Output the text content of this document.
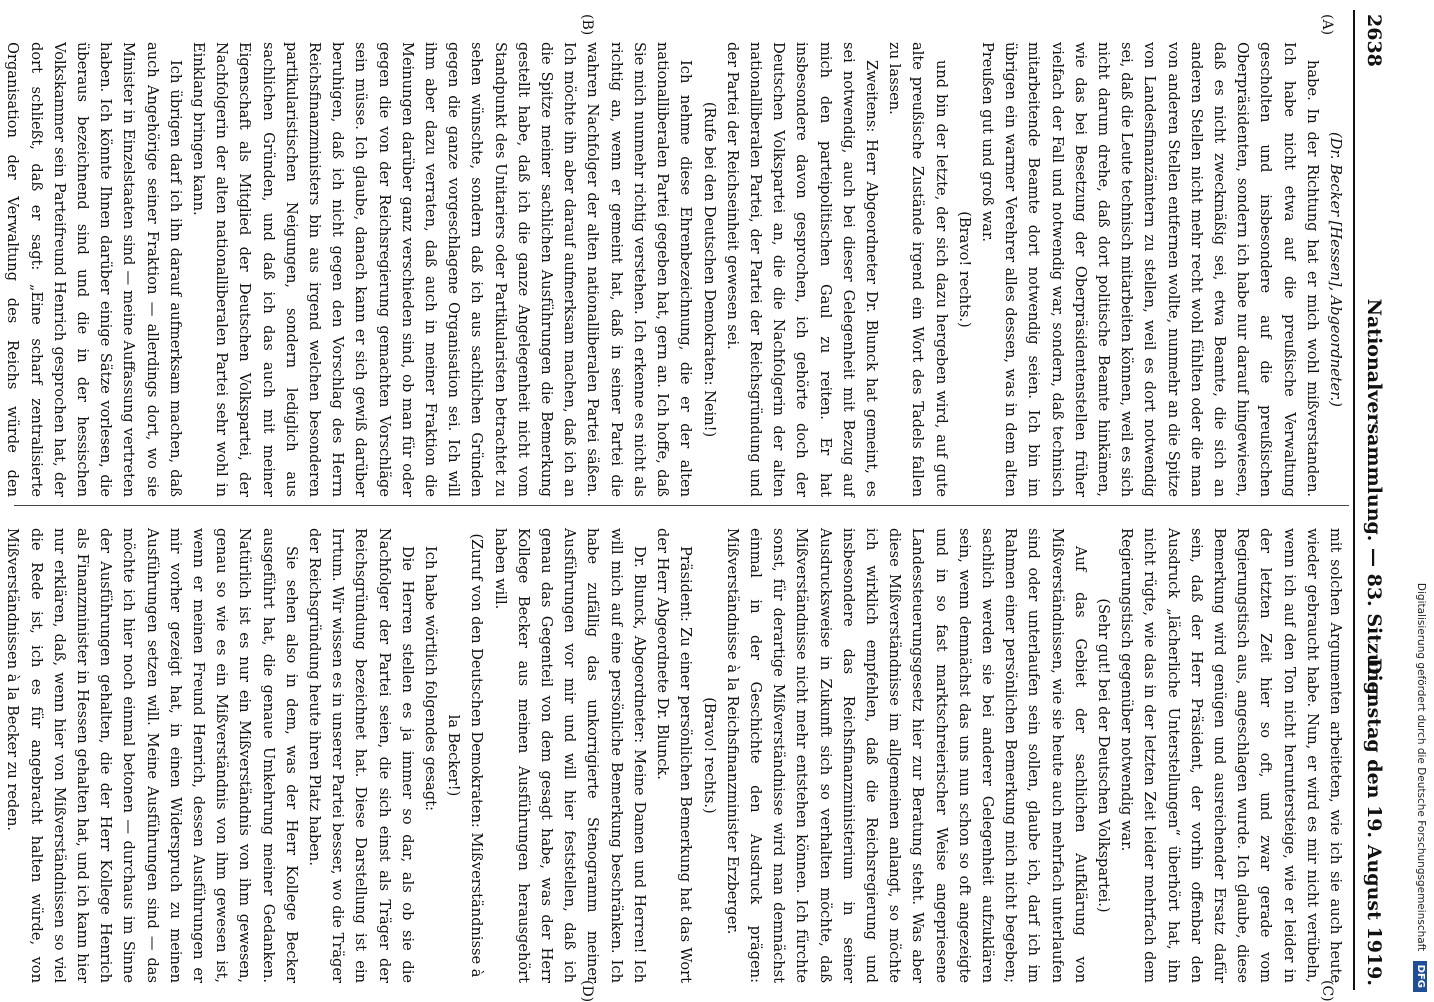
2638
Nationalversammlung. — 83. Sitzung.
Dienstag den 19. August 1919.
(A)
(B)
(C)
(D)

(Dr. Becker [Hessen], Abgeordneter.)

habe. In der Richtung hat er mich wohl mißverstanden. Ich habe nicht etwa auf die preußische Verwaltung gescholten und insbesondere auf die preußischen Oberpräsidenten, sondern ich habe nur darauf hingewiesen, daß es nicht zweckmäßig sei, etwa Beamte, die sich an anderen Stellen nicht mehr recht wohl fühlten oder die man von anderen Stellen entfernen wollte, nunmehr an die Spitze von Landesfinanzämtern zu stellen, weil es dort notwendig sei, daß die Leute technisch mitarbeiten können, weil es sich nicht darum drehe, daß dort politische Beamte hinkämen, wie das bei Besetzung der Oberpräsidentenstellen früher vielfach der Fall und notwendig war, sondern, daß technisch mitarbeitende Beamte dort notwendig seien. Ich bin im übrigen ein warmer Verehrer alles dessen, was in dem alten Preußen gut und groß war.

(Bravo! rechts.)

und bin der letzte, der sich dazu hergeben wird, auf gute alte preußische Zustände irgend ein Wort des Tadels fallen zu lassen.

Zweitens: Herr Abgeordneter Dr. Blunck hat gemeint, es sei notwendig, auch bei dieser Gelegenheit mit Bezug auf mich den parteipolitischen Gaul zu reiten. Er hat insbesondere davon gesprochen, ich gehörte doch der Deutschen Volkspartei an, die die Nachfolgerin der alten nationalliberalen Partei, der Partei der Reichsgründung und der Partei der Reichseinheit gewesen sei.

(Rufe bei den Deutschen Demokraten: Nein!)

Ich nehme diese Ehrenbezeichnung, die er der alten nationalliberalen Partei gegeben hat, gern an. Ich hoffe, daß Sie mich nunmehr richtig verstehen. Ich erkenne es nicht als richtig an, wenn er gemeint hat, daß in seiner Partei die wahren Nachfolger der alten nationalliberalen Partei säßen. Ich möchte ihn aber darauf aufmerksam machen, daß ich an die Spitze meiner sachlichen Ausführungen die Bemerkung gestellt habe, daß ich die ganze Angelegenheit nicht vom Standpunkt des Unitariers oder Partikularisten betrachtet zu sehen wünschte, sondern daß ich aus sachlichen Gründen gegen die ganze vorgeschlagene Organisation sei. Ich will ihm aber dazu verraten, daß auch in meiner Fraktion die Meinungen darüber ganz verschieden sind, ob man für oder gegen die von der Reichsregierung gemachten Vorschläge sein müsse. Ich glaube, danach kann er sich gewiß darüber beruhigen, daß ich nicht gegen den Vorschlag des Herrn Reichsfinanzministers bin aus irgend welchen besonderen partikularistischen Neigungen, sondern lediglich aus sachlichen Gründen, und daß ich das auch mit meiner Eigenschaft als Mitglied der Deutschen Volkspartei, der Nachfolgerin der alten nationalliberalen Partei sehr wohl in Einklang bringen kann.

Ich übrigen darf ich ihn darauf aufmerksam machen, daß auch Angehörige seiner Fraktion — allerdings dort, wo sie Minister in Einzelstaaten sind — meine Auffassung vertreten haben. Ich könnte Ihnen darüber einige Sätze vorlesen, die überaus bezeichnend sind und die in der hessischen Volkskammer sein Parteifreund Henrich gesprochen hat, der dort schließt, daß er sagt: „Eine scharf zentralisierte Organisation der Verwaltung des Reichs würde den

mit solchen Argumenten arbeiteten, wie ich sie auch heute wieder gebraucht habe. Nun, er wird es mir nicht verübeln, wenn ich auf den Ton nicht heruntersteige, wie er leider in der letzten Zeit hier so oft, und zwar gerade vom Regierungstisch aus, angeschlagen wurde. Ich glaube, diese Bemerkung wird genügen und ausreichender Ersatz dafür sein, daß der Herr Präsident, der vorhin offenbar den Ausdruck „lächerliche Unterstellungen“ überhört hat, ihn nicht rügte, wie das in der letzten Zeit leider mehrfach dem Regierungstisch gegenüber notwendig war.

(Sehr gut! bei der Deutschen Volkspartei.)

Auf das Gebiet der sachlichen Aufklärung von Mißverständnissen, wie sie heute auch mehrfach unterlaufen sind oder unterlaufen sein sollen, glaube ich, darf ich im Rahmen einer persönlichen Bemerkung mich nicht begeben; sachlich werden sie bei anderer Gelegenheit aufzuklären sein, wenn demnächst das uns nun schon so oft angezeigte und in so fast marktschreierischer Weise angepriesene Landessteuerungsgesetz hier zur Beratung steht. Was aber diese Mißverständnisse im allgemeinen anlangt, so möchte ich wirklich empfehlen, daß die Reichsregierung und insbesondere das Reichsfinanzministerium in seiner Ausdrucksweise in Zukunft sich so verhalten möchte, daß Mißverständnisse nicht mehr entstehen können. Ich fürchte sonst, für derartige Mißverständnisse wird man demnächst einmal in der Geschichte den Ausdruck prägen: Mißverständnisse à la Reichsfinanzminister Erzberger.

(Bravo! rechts.)

Präsident: Zu einer persönlichen Bemerkung hat das Wort der Herr Abgeordnete Dr. Blunck.

Dr. Blunck, Abgeordneter: Meine Damen und Herren! Ich will mich auf eine persönliche Bemerkung beschränken. Ich habe zufällig das unkorrigierte Stenogramm meiner Ausführungen vor mir und will hier feststellen, daß ich genau das Gegenteil von dem gesagt habe, was der Herr Kollege Becker aus meinen Ausführungen herausgehört haben will.

(Zuruf von den Deutschen Demokraten: Mißverständnisse à la Becker!)

Ich habe wörtlich folgendes gesagt:

Die Herren stellen es ja immer so dar, als ob sie die Nachfolger der Partei seien, die sich einst als Träger der Reichsgründung bezeichnet hat. Diese Darstellung ist ein Irrtum. Wir wissen es in unserer Partei besser, wo die Träger der Reichsgründung heute ihren Platz haben.

Sie sehen also in dem, was der Herr Kollege Becker ausgeführt hat, die genaue Umkehrung meiner Gedanken. Natürlich ist es nur ein Mißverständnis von ihm gewesen, genau so wie es ein Mißverständnis von ihm gewesen ist, wenn er meinen Freund Henrich, dessen Ausführungen er mir vorher gezeigt hat, in einen Widerspruch zu meinen Ausführungen setzen will. Meine Ausführungen sind — das möchte ich hier noch einmal betonen — durchaus im Sinne der Ausführungen gehalten, die der Herr Kollege Henrich als Finanzminister in Hessen gehalten hat, und ich kann hier nur erklären, daß, wenn hier von Mißverständnissen so viel die Rede ist, ich es für angebracht halten würde, von Mißverständnissen à la Becker zu reden.	Digitalisierung gefördert durch die Deutsche Forschungsgemeinschaft DFG
